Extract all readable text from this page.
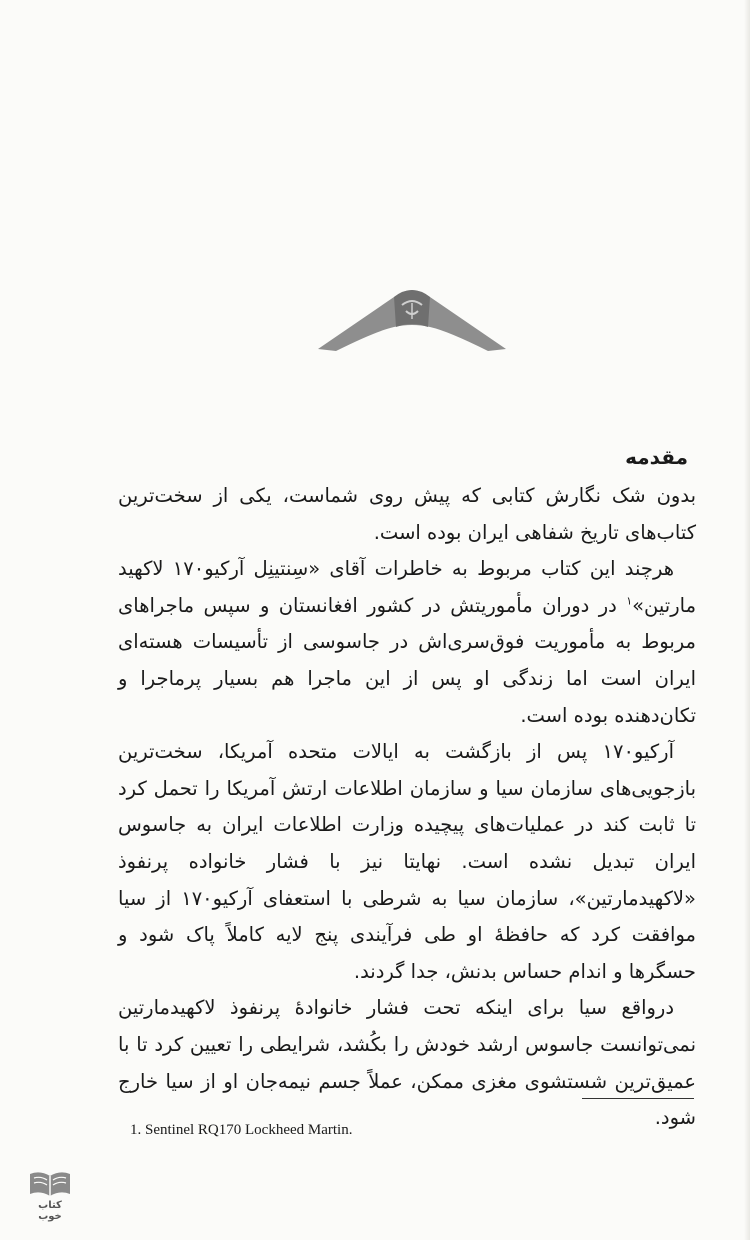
مقدمه

بدون شک نگارش کتابی که پیش روی شماست، یکی از سخت‌ترین کتاب‌های تاریخ شفاهی ایران بوده است.

هرچند این کتاب مربوط به خاطرات آقای «سِنتینِل آرکیو۱۷۰ لاکهید مارتین»$^۱$ در دوران مأموریتش در کشور افغانستان و سپس ماجراهای مربوط به مأموریت فوق‌سری‌اش در جاسوسی از تأسیسات هسته‌ای ایران است اما زندگی او پس از این ماجرا هم بسیار پرماجرا و تکان‌دهنده بوده است.

آرکیو۱۷۰ پس از بازگشت به ایالات متحده آمریکا، سخت‌ترین بازجویی‌های سازمان سیا و سازمان اطلاعات ارتش آمریکا را تحمل کرد تا ثابت کند در عملیات‌های پیچیده وزارت اطلاعات ایران به جاسوس ایران تبدیل نشده است. نهایتا نیز با فشار خانواده پرنفوذ «لاکهیدمارتین»، سازمان سیا به شرطی با استعفای آرکیو۱۷۰ از سیا موافقت کرد که حافظهٔ او طی فرآیندی پنج لایه کاملاً پاک شود و حسگرها و اندام حساس بدنش، جدا گردند.

درواقع سیا برای اینکه تحت فشار خانوادهٔ پرنفوذ لاکهیدمارتین نمی‌توانست جاسوس ارشد خودش را بکُشد، شرایطی را تعیین کرد تا با عمیق‌ترین شستشوی مغزی ممکن، عملاً جسم نیمه‌جان او از سیا خارج شود.

1. Sentinel RQ170 Lockheed Martin.
کتاب
خوب
